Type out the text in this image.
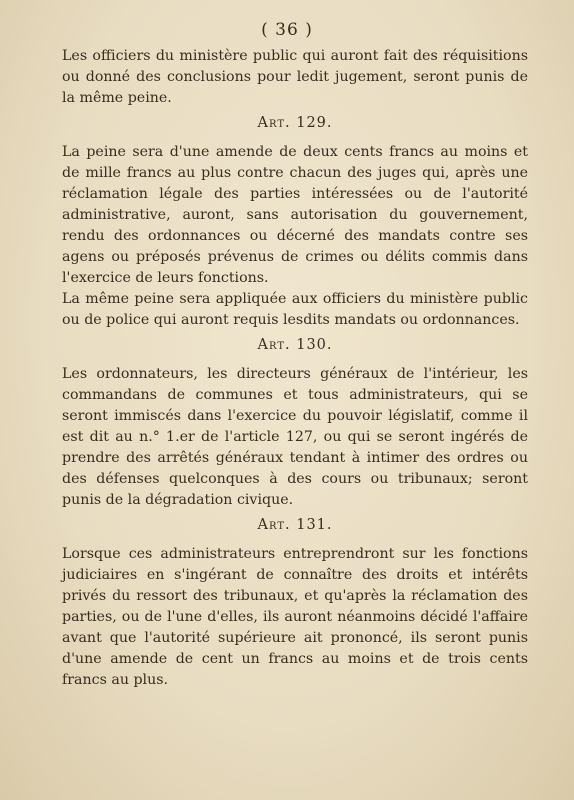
( 36 )

Les officiers du ministère public qui auront fait des réquisitions ou donné des conclusions pour ledit jugement, seront punis de la même peine.

Art. 129.

La peine sera d'une amende de deux cents francs au moins et de mille francs au plus contre chacun des juges qui, après une réclamation légale des parties intéressées ou de l'autorité administrative, auront, sans autorisation du gouvernement, rendu des ordonnances ou décerné des mandats contre ses agens ou préposés prévenus de crimes ou délits commis dans l'exercice de leurs fonctions.

La même peine sera appliquée aux officiers du ministère public ou de police qui auront requis lesdits mandats ou ordonnances.

Art. 130.

Les ordonnateurs, les directeurs généraux de l'intérieur, les commandans de communes et tous administrateurs, qui se seront immiscés dans l'exercice du pouvoir législatif, comme il est dit au n.° 1.er de l'article 127, ou qui se seront ingérés de prendre des arrêtés généraux tendant à intimer des ordres ou des défenses quelconques à des cours ou tribunaux; seront punis de la dégradation civique.

Art. 131.

Lorsque ces administrateurs entreprendront sur les fonctions judiciaires en s'ingérant de connaître des droits et intérêts privés du ressort des tribunaux, et qu'après la réclamation des parties, ou de l'une d'elles, ils auront néanmoins décidé l'affaire avant que l'autorité supérieure ait prononcé, ils seront punis d'une amende de cent un francs au moins et de trois cents francs au plus.
